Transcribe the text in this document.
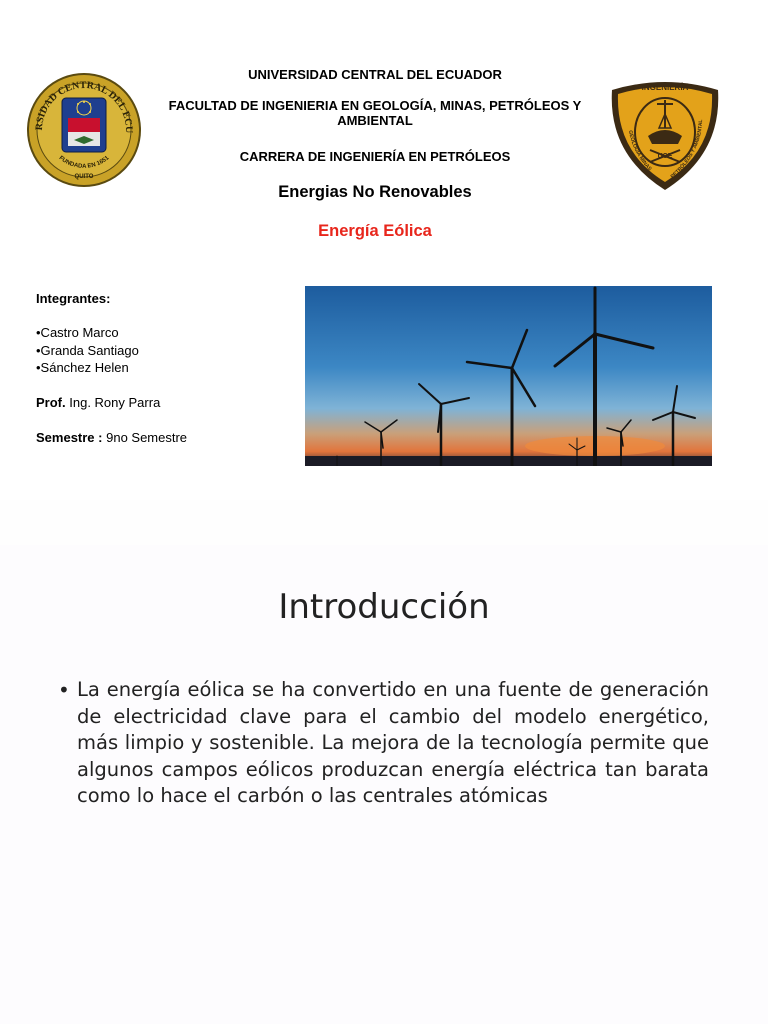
RSIDAD CENTRAL DEL ECU
FUNDADA EN 1651
QUITO
INGENIERÍA
GEOLOGÍA MINAS
PETRÓLEOS Y AMBIENTAL
UCE
UNIVERSIDAD CENTRAL DEL ECUADOR
FACULTAD DE INGENIERIA EN GEOLOGÍA, MINAS, PETRÓLEOS Y AMBIENTAL
CARRERA DE INGENIERÍA EN PETRÓLEOS
Energias No Renovables
Energía Eólica
Integrantes:
•Castro Marco
•Granda Santiago
•Sánchez Helen
Prof. Ing. Rony Parra
Semestre : 9no Semestre
Introducción
• La energía eólica se ha convertido en una fuente de generación de electricidad clave para el cambio del modelo energético, más limpio y sostenible. La mejora de la tecnología permite que algunos campos eólicos produzcan energía eléctrica tan barata como lo hace el carbón o las centrales atómicas
